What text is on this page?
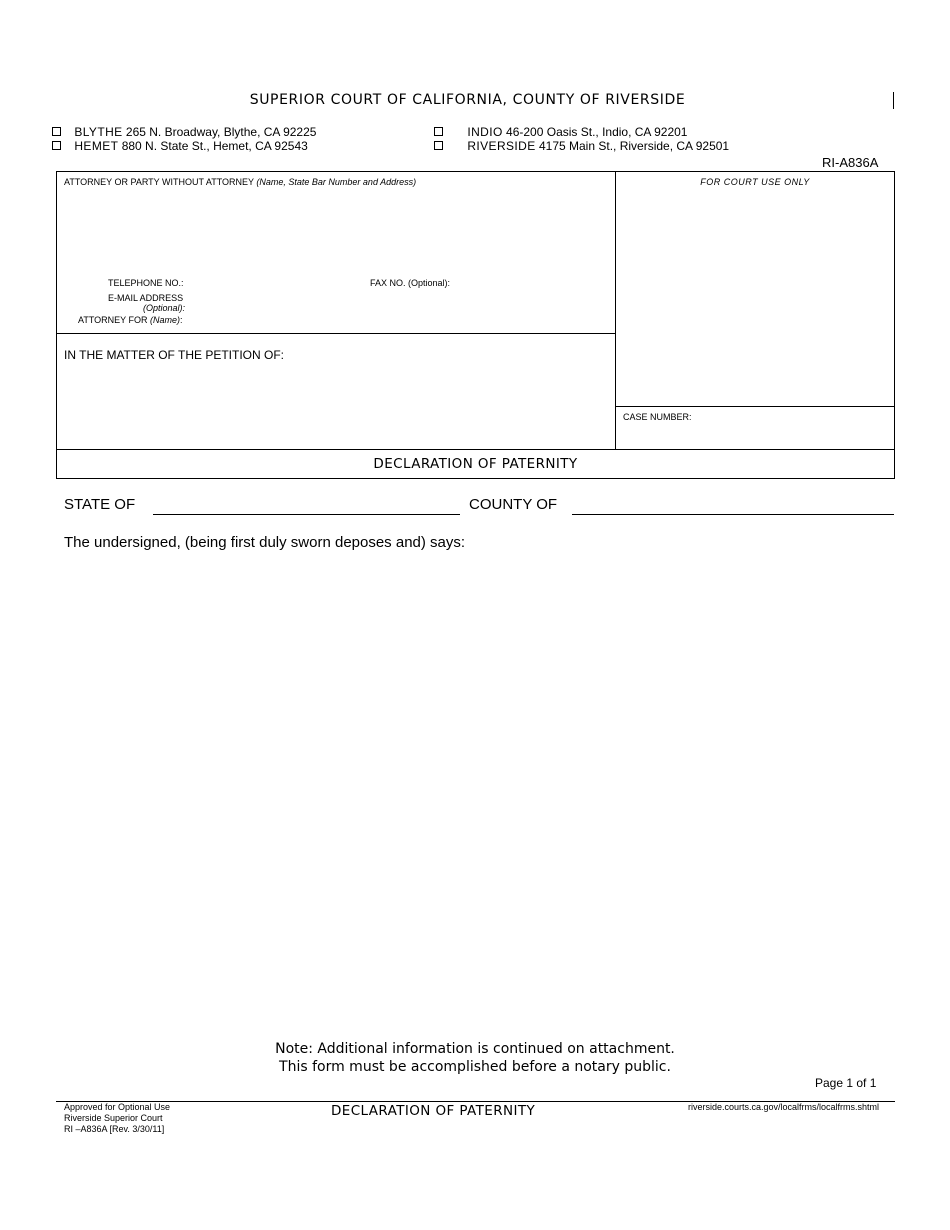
SUPERIOR COURT OF CALIFORNIA, COUNTY OF RIVERSIDE
BLYTHE 265 N. Broadway, Blythe, CA 92225
HEMET 880 N. State St., Hemet, CA 92543
INDIO 46-200 Oasis St., Indio, CA 92201
RIVERSIDE 4175 Main St., Riverside, CA 92501
RI-A836A
ATTORNEY OR PARTY WITHOUT ATTORNEY (Name, State Bar Number and Address)
TELEPHONE NO.:	FAX NO. (Optional):
E-MAIL ADDRESS
(Optional):
ATTORNEY FOR (Name):
FOR COURT USE ONLY
IN THE MATTER OF THE PETITION OF:
CASE NUMBER:
DECLARATION OF PATERNITY
STATE OF	COUNTY OF
The undersigned, (being first duly sworn deposes and) says:
Note: Additional information is continued on attachment.
This form must be accomplished before a notary public.
Page 1 of 1
Approved for Optional Use
Riverside Superior Court
RI –A836A [Rev. 3/30/11]
DECLARATION OF PATERNITY	riverside.courts.ca.gov/localfrms/localfrms.shtml
